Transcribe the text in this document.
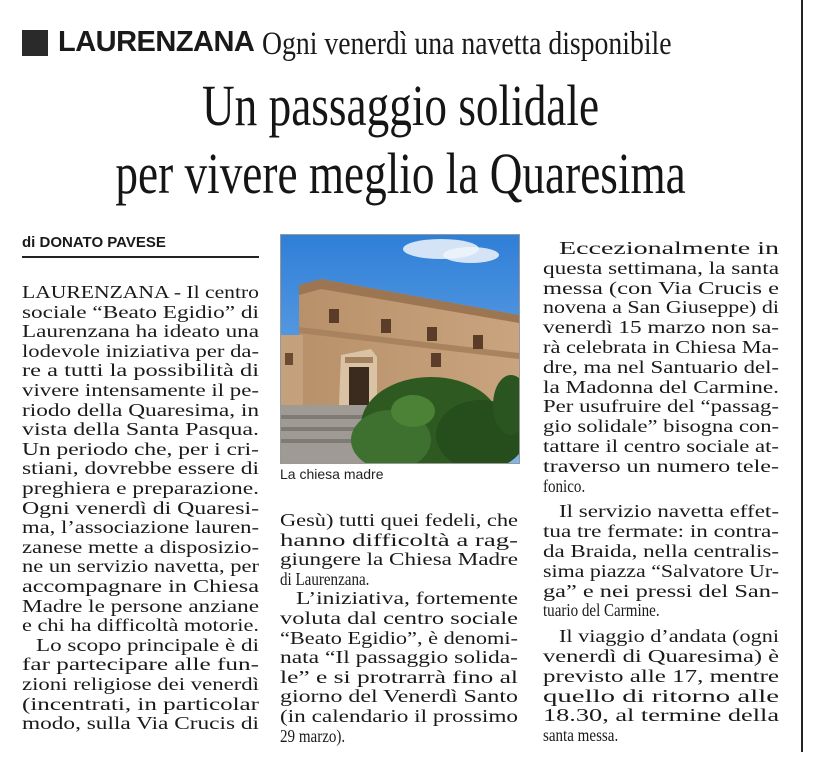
LAURENZANA Ogni venerdì una navetta disponibile
Un passaggio solidale
per vivere meglio la Quaresima
di DONATO PAVESE
La chiesa madre
LAURENZANA - Il centro
sociale “Beato Egidio” di
Laurenzana ha ideato una
lodevole iniziativa per da-
re a tutti la possibilità di
vivere intensamente il pe-
riodo della Quaresima, in
vista della Santa Pasqua.
Un periodo che, per i cri-
stiani, dovrebbe essere di
preghiera e preparazione.
Ogni venerdì di Quaresi-
ma, l’associazione lauren-
zanese mette a disposizio-
ne un servizio navetta, per
accompagnare in Chiesa
Madre le persone anziane
e chi ha difficoltà motorie.
Lo scopo principale è di
far partecipare alle fun-
zioni religiose dei venerdì
(incentrati, in particolar
modo, sulla Via Crucis di
Gesù) tutti quei fedeli, che
hanno difficoltà a rag-
giungere la Chiesa Madre
di Laurenzana.
L’iniziativa, fortemente
voluta dal centro sociale
“Beato Egidio”, è denomi-
nata “Il passaggio solida-
le” e si protrarrà fino al
giorno del Venerdì Santo
(in calendario il prossimo
29 marzo).
Eccezionalmente in
questa settimana, la santa
messa (con Via Crucis e
novena a San Giuseppe) di
venerdì 15 marzo non sa-
rà celebrata in Chiesa Ma-
dre, ma nel Santuario del-
la Madonna del Carmine.
Per usufruire del “passag-
gio solidale” bisogna con-
tattare il centro sociale at-
traverso un numero tele-
fonico.
Il servizio navetta effet-
tua tre fermate: in contra-
da Braida, nella centralis-
sima piazza “Salvatore Ur-
ga” e nei pressi del San-
tuario del Carmine.
Il viaggio d’andata (ogni
venerdì di Quaresima) è
previsto alle 17, mentre
quello di ritorno alle
18.30, al termine della
santa messa.
